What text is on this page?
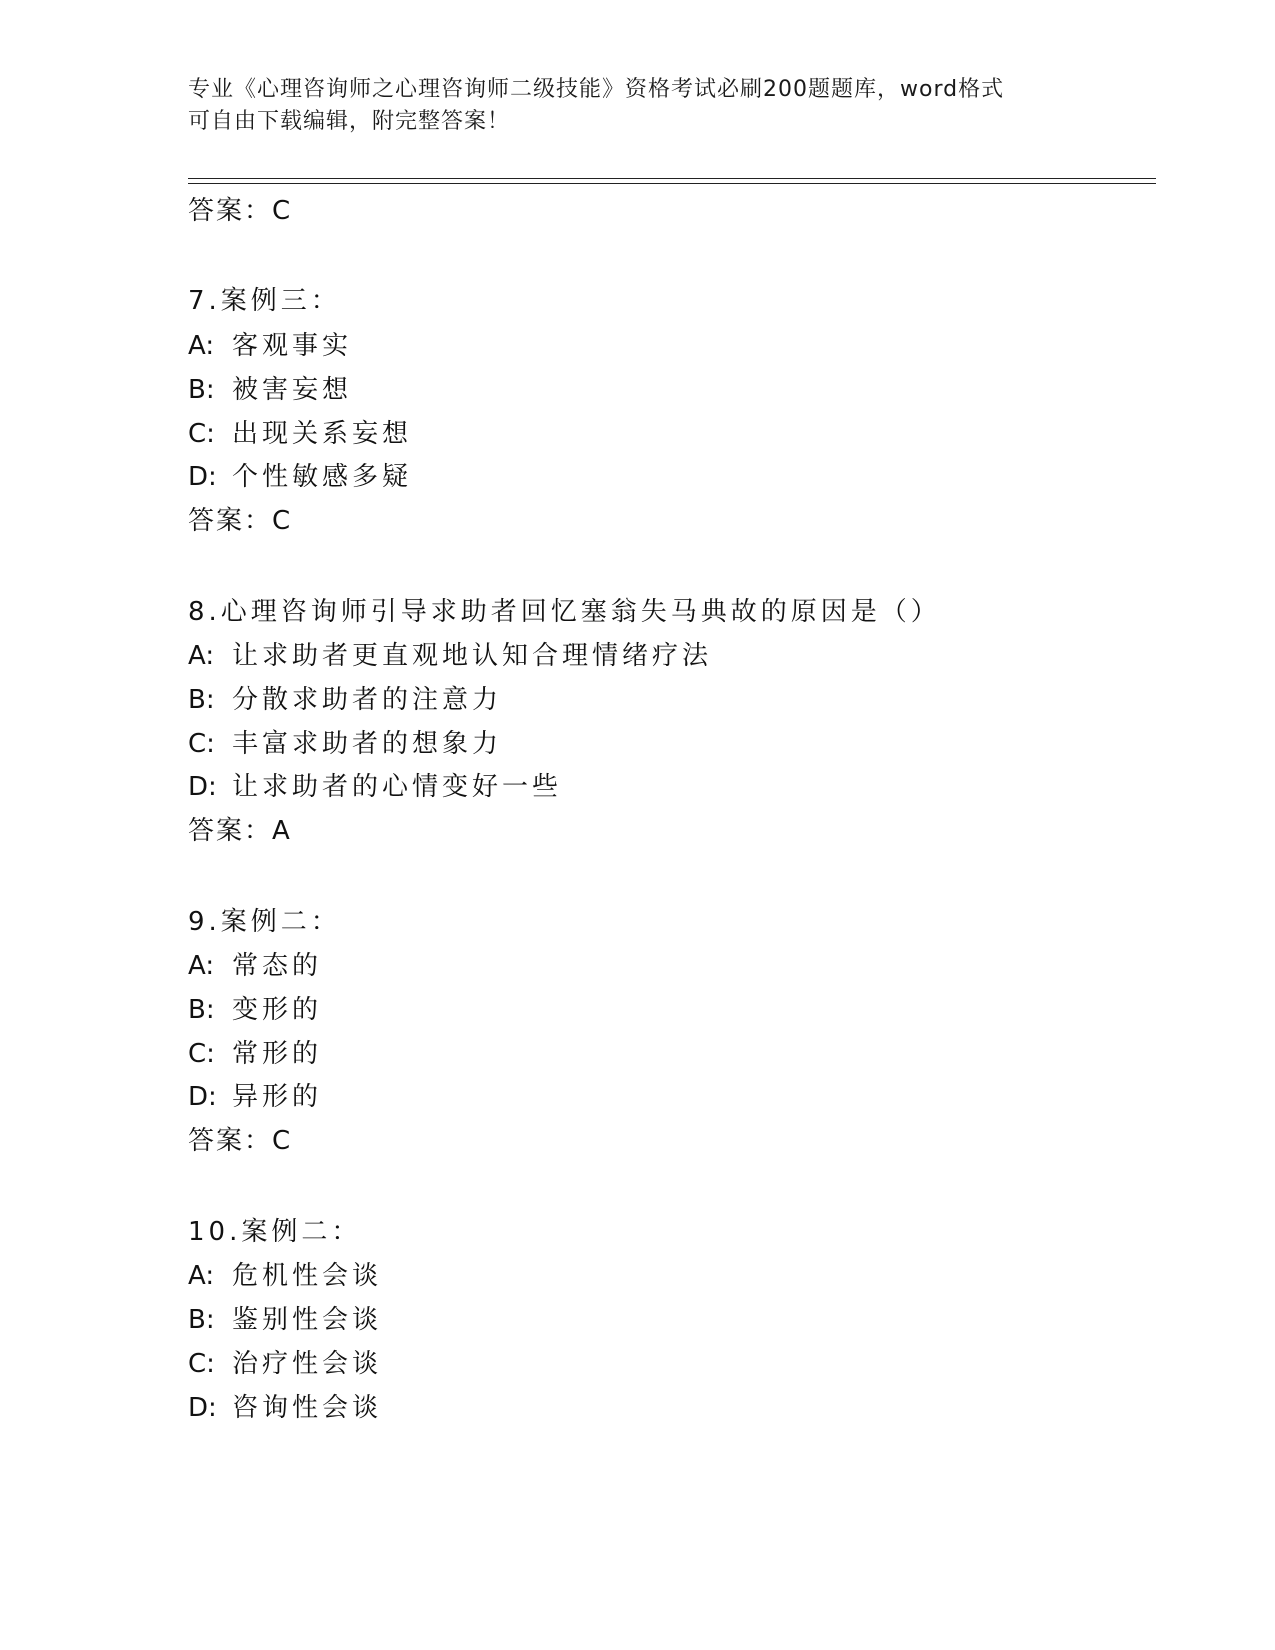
专业《心理咨询师之心理咨询师二级技能》资格考试必刷200题题库，word格式
可自由下载编辑，附完整答案！
答案：C
7.案例三：
A: 客观事实
B: 被害妄想
C: 出现关系妄想
D: 个性敏感多疑
答案：C
8.心理咨询师引导求助者回忆塞翁失马典故的原因是（）
A: 让求助者更直观地认知合理情绪疗法
B: 分散求助者的注意力
C: 丰富求助者的想象力
D: 让求助者的心情变好一些
答案：A
9.案例二：
A: 常态的
B: 变形的
C: 常形的
D: 异形的
答案：C
10.案例二：
A: 危机性会谈
B: 鉴别性会谈
C: 治疗性会谈
D: 咨询性会谈
